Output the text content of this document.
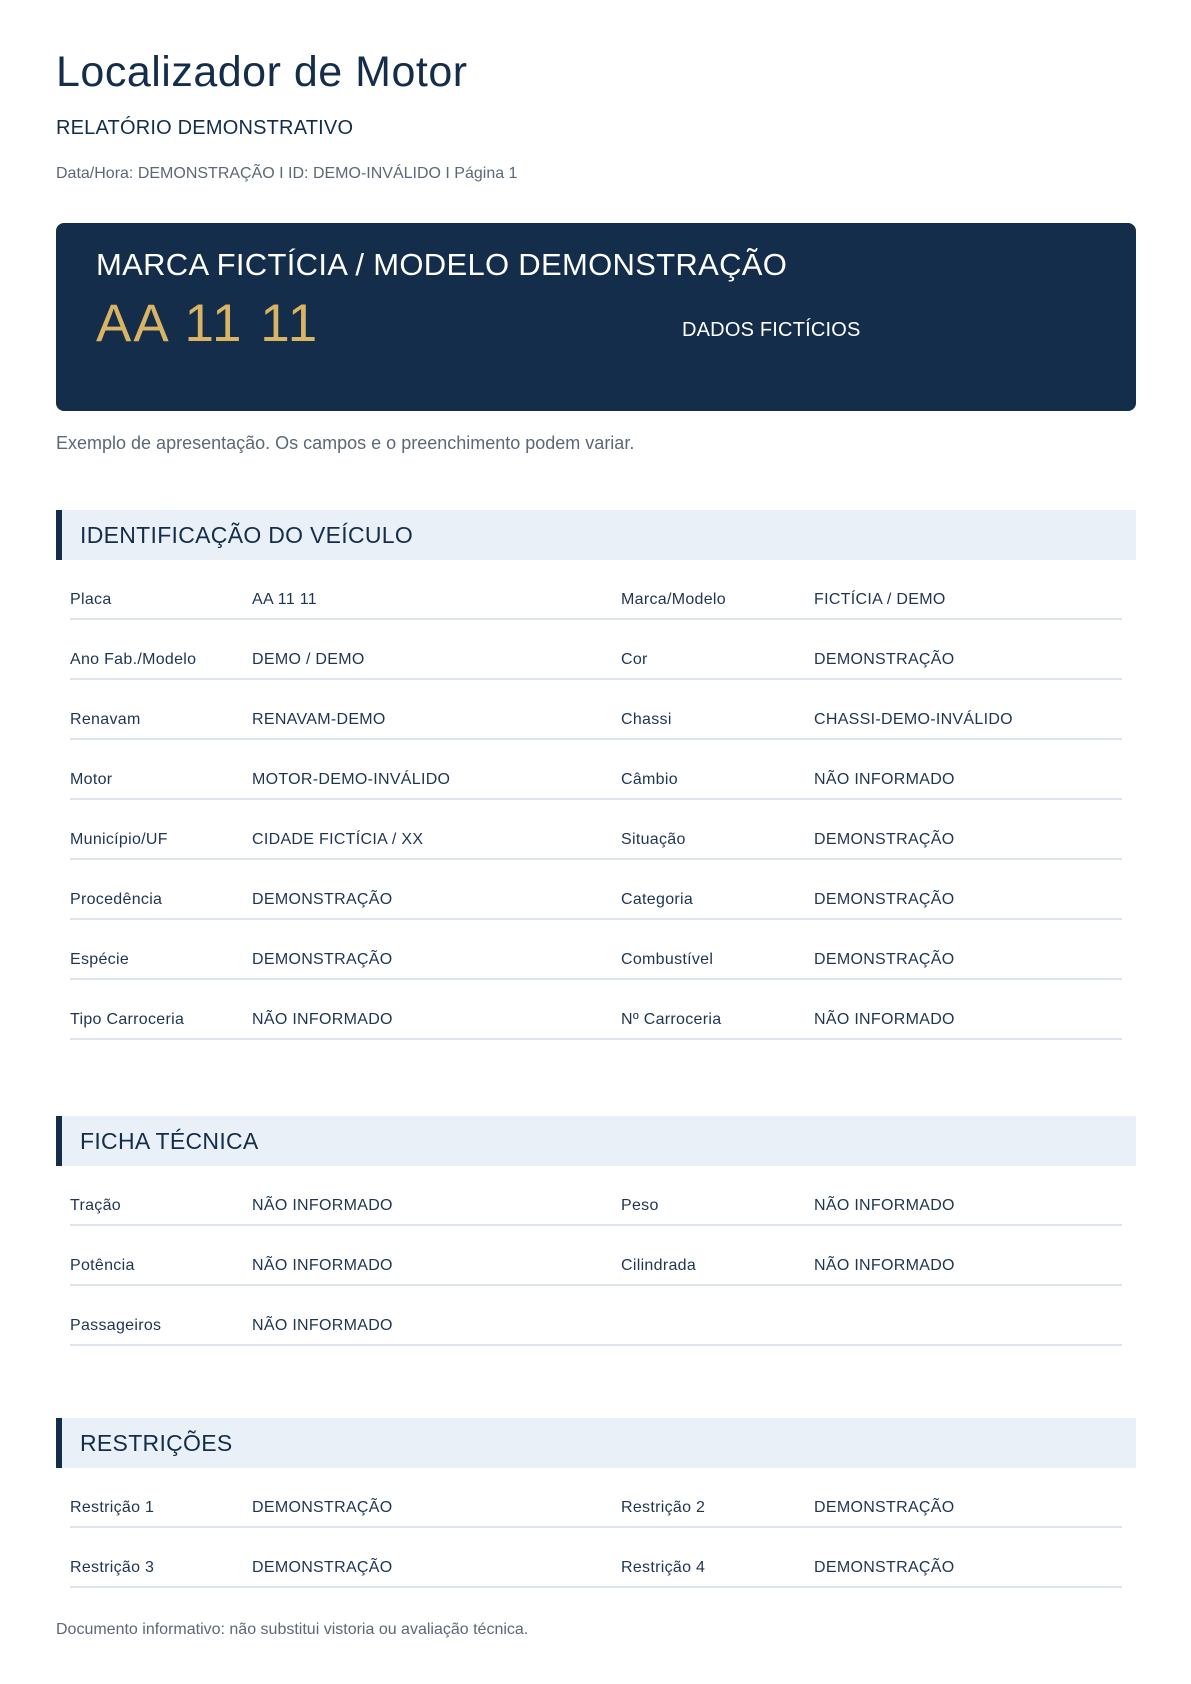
Localizador de Motor
RELATÓRIO DEMONSTRATIVO
Data/Hora: DEMONSTRAÇÃO I ID: DEMO-INVÁLIDO I Página 1
MARCA FICTÍCIA / MODELO DEMONSTRAÇÃO
AA 11 11	DADOS FICTÍCIOS
Exemplo de apresentação. Os campos e o preenchimento podem variar.
IDENTIFICAÇÃO DO VEÍCULO
Placa	AA 11 11	Marca/Modelo	FICTÍCIA / DEMO
Ano Fab./Modelo	DEMO / DEMO	Cor	DEMONSTRAÇÃO
Renavam	RENAVAM-DEMO	Chassi	CHASSI-DEMO-INVÁLIDO
Motor	MOTOR-DEMO-INVÁLIDO	Câmbio	NÃO INFORMADO
Município/UF	CIDADE FICTÍCIA / XX	Situação	DEMONSTRAÇÃO
Procedência	DEMONSTRAÇÃO	Categoria	DEMONSTRAÇÃO
Espécie	DEMONSTRAÇÃO	Combustível	DEMONSTRAÇÃO
Tipo Carroceria	NÃO INFORMADO	Nº Carroceria	NÃO INFORMADO
FICHA TÉCNICA
Tração	NÃO INFORMADO	Peso	NÃO INFORMADO
Potência	NÃO INFORMADO	Cilindrada	NÃO INFORMADO
Passageiros	NÃO INFORMADO
RESTRIÇÕES
Restrição 1	DEMONSTRAÇÃO	Restrição 2	DEMONSTRAÇÃO
Restrição 3	DEMONSTRAÇÃO	Restrição 4	DEMONSTRAÇÃO
Documento informativo: não substitui vistoria ou avaliação técnica.
